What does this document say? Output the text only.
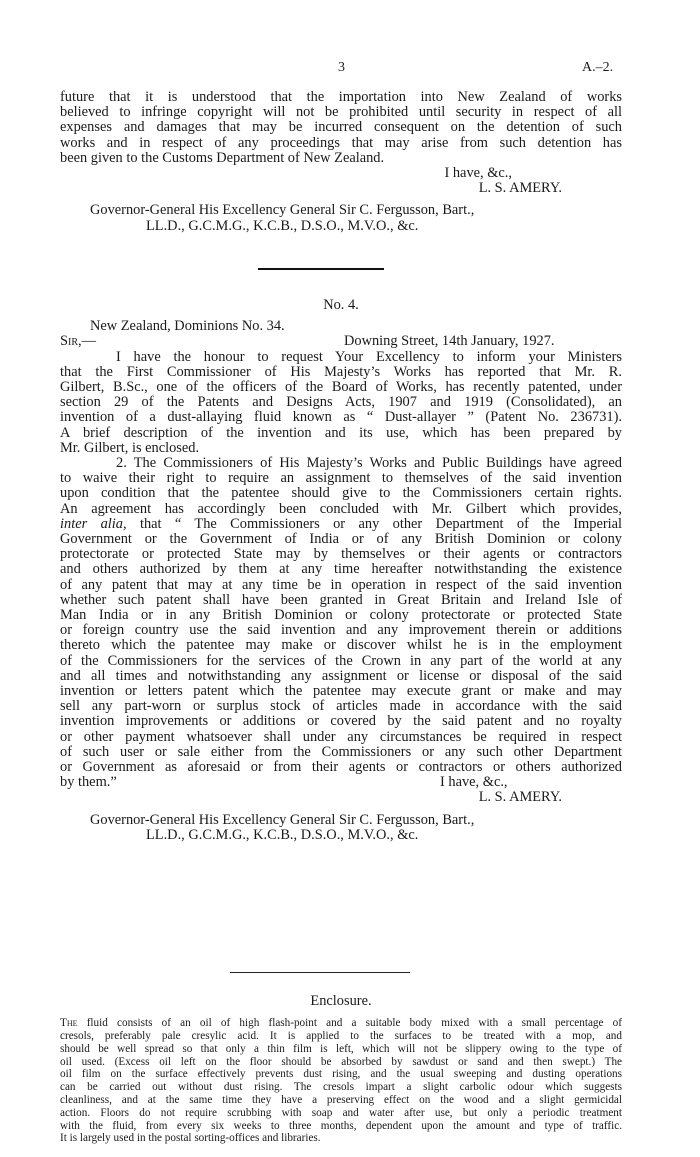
3	A.–2.

future that it is understood that the importation into New Zealand of works

believed to infringe copyright will not be prohibited until security in respect of all

expenses and damages that may be incurred consequent on the detention of such

works and in respect of any proceedings that may arise from such detention has

been given to the Customs Department of New Zealand.

I have, &c.,

L. S. AMERY.

Governor-General His Excellency General Sir C. Fergusson, Bart.,

LL.D., G.C.M.G., K.C.B., D.S.O., M.V.O., &c.

No. 4.

New Zealand, Dominions No. 34.

Sir,—	Downing Street, 14th January, 1927.

I have the honour to request Your Excellency to inform your Ministers

that the First Commissioner of His Majesty’s Works has reported that Mr. R.

Gilbert, B.Sc., one of the officers of the Board of Works, has recently patented, under

section 29 of the Patents and Designs Acts, 1907 and 1919 (Consolidated), an

invention of a dust-allaying fluid known as “ Dust-allayer ” (Patent No. 236731).

A brief description of the invention and its use, which has been prepared by

Mr. Gilbert, is enclosed.

2. The Commissioners of His Majesty’s Works and Public Buildings have agreed

to waive their right to require an assignment to themselves of the said invention

upon condition that the patentee should give to the Commissioners certain rights.

An agreement has accordingly been concluded with Mr. Gilbert which provides,

inter alia, that “ The Commissioners or any other Department of the Imperial

Government or the Government of India or of any British Dominion or colony

protectorate or protected State may by themselves or their agents or contractors

and others authorized by them at any time hereafter notwithstanding the existence

of any patent that may at any time be in operation in respect of the said invention

whether such patent shall have been granted in Great Britain and Ireland Isle of

Man India or in any British Dominion or colony protectorate or protected State

or foreign country use the said invention and any improvement therein or additions

thereto which the patentee may make or discover whilst he is in the employment

of the Commissioners for the services of the Crown in any part of the world at any

and all times and notwithstanding any assignment or license or disposal of the said

invention or letters patent which the patentee may execute grant or make and may

sell any part-worn or surplus stock of articles made in accordance with the said

invention improvements or additions or covered by the said patent and no royalty

or other payment whatsoever shall under any circumstances be required in respect

of such user or sale either from the Commissioners or any such other Department

or Government as aforesaid or from their agents or contractors or others authorized

by them.”	I have, &c.,

L. S. AMERY.

Governor-General His Excellency General Sir C. Fergusson, Bart.,

LL.D., G.C.M.G., K.C.B., D.S.O., M.V.O., &c.

Enclosure.

The fluid consists of an oil of high flash-point and a suitable body mixed with a small percentage of

cresols, preferably pale cresylic acid. It is applied to the surfaces to be treated with a mop, and

should be well spread so that only a thin film is left, which will not be slippery owing to the type of

oil used. (Excess oil left on the floor should be absorbed by sawdust or sand and then swept.) The

oil film on the surface effectively prevents dust rising, and the usual sweeping and dusting operations

can be carried out without dust rising. The cresols impart a slight carbolic odour which suggests

cleanliness, and at the same time they have a preserving effect on the wood and a slight germicidal

action. Floors do not require scrubbing with soap and water after use, but only a periodic treatment

with the fluid, from every six weeks to three months, dependent upon the amount and type of traffic.

It is largely used in the postal sorting-offices and libraries.
